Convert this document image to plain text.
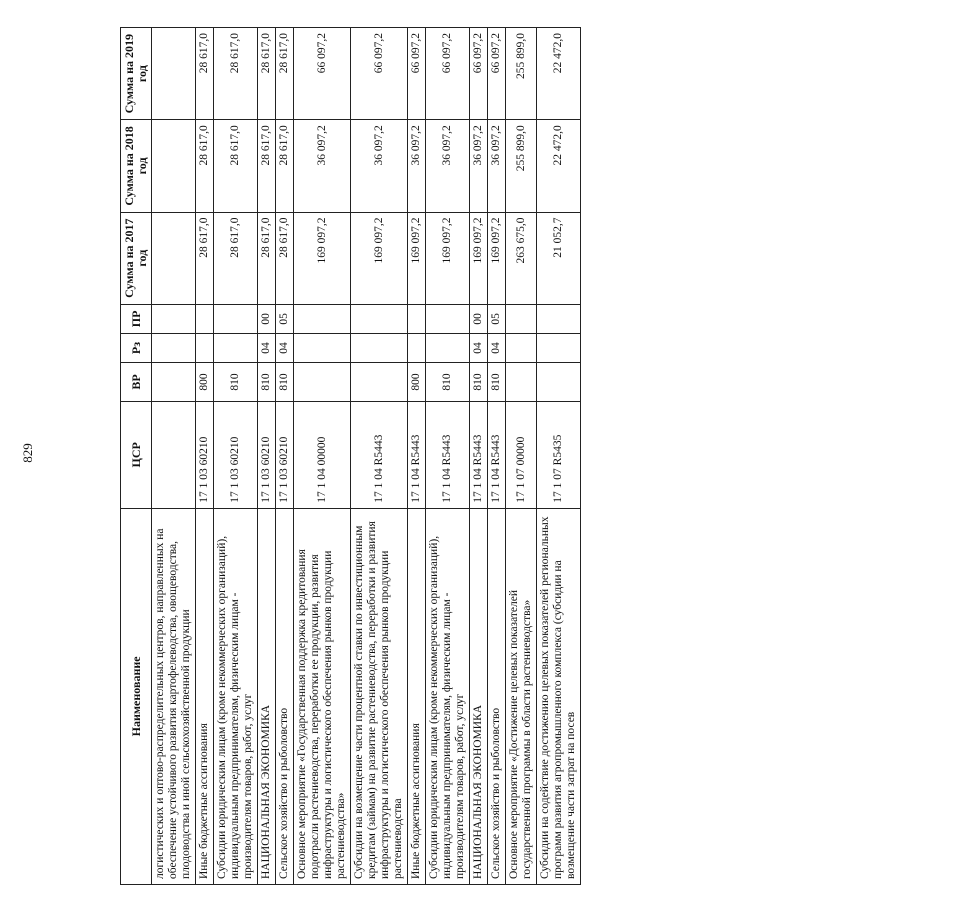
829
Наименование	ЦСР	ВР	Рз	ПР	Сумма на 2017 год	Сумма на 2018 год	Сумма на 2019 год
логистических и оптово-распределительных центров, направленных на обеспечение устойчивого развития картофелеводства, овощеводства, плодоводства и иной сельскохозяйственной продукции							
Иные бюджетные ассигнования	17 1 03 60210	800			28 617,0	28 617,0	28 617,0
Субсидии юридическим лицам (кроме некоммерческих организаций), индивидуальным предпринимателям, физическим лицам - производителям товаров, работ, услуг	17 1 03 60210	810			28 617,0	28 617,0	28 617,0
НАЦИОНАЛЬНАЯ ЭКОНОМИКА	17 1 03 60210	810	04	00	28 617,0	28 617,0	28 617,0
Сельское хозяйство и рыболовство	17 1 03 60210	810	04	05	28 617,0	28 617,0	28 617,0
Основное мероприятие «Государственная поддержка кредитования подотрасли растениеводства, переработки ее продукции, развития инфраструктуры и логистического обеспечения рынков продукции растениеводства»	17 1 04 00000				169 097,2	36 097,2	66 097,2
Субсидии на возмещение части процентной ставки по инвестиционным кредитам (займам) на развитие растениеводства, переработки и развития инфраструктуры и логистического обеспечения рынков продукции растениеводства	17 1 04 R5443				169 097,2	36 097,2	66 097,2
Иные бюджетные ассигнования	17 1 04 R5443	800			169 097,2	36 097,2	66 097,2
Субсидии юридическим лицам (кроме некоммерческих организаций), индивидуальным предпринимателям, физическим лицам - производителям товаров, работ, услуг	17 1 04 R5443	810			169 097,2	36 097,2	66 097,2
НАЦИОНАЛЬНАЯ ЭКОНОМИКА	17 1 04 R5443	810	04	00	169 097,2	36 097,2	66 097,2
Сельское хозяйство и рыболовство	17 1 04 R5443	810	04	05	169 097,2	36 097,2	66 097,2
Основное мероприятие «Достижение целевых показателей государственной программы в области растениеводства»	17 1 07 00000				263 675,0	255 899,0	255 899,0
Субсидии на содействие достижению целевых показателей региональных программ развития агропромышленного комплекса (субсидии на возмещение части затрат на посев	17 1 07 R5435				21 052,7	22 472,0	22 472,0
